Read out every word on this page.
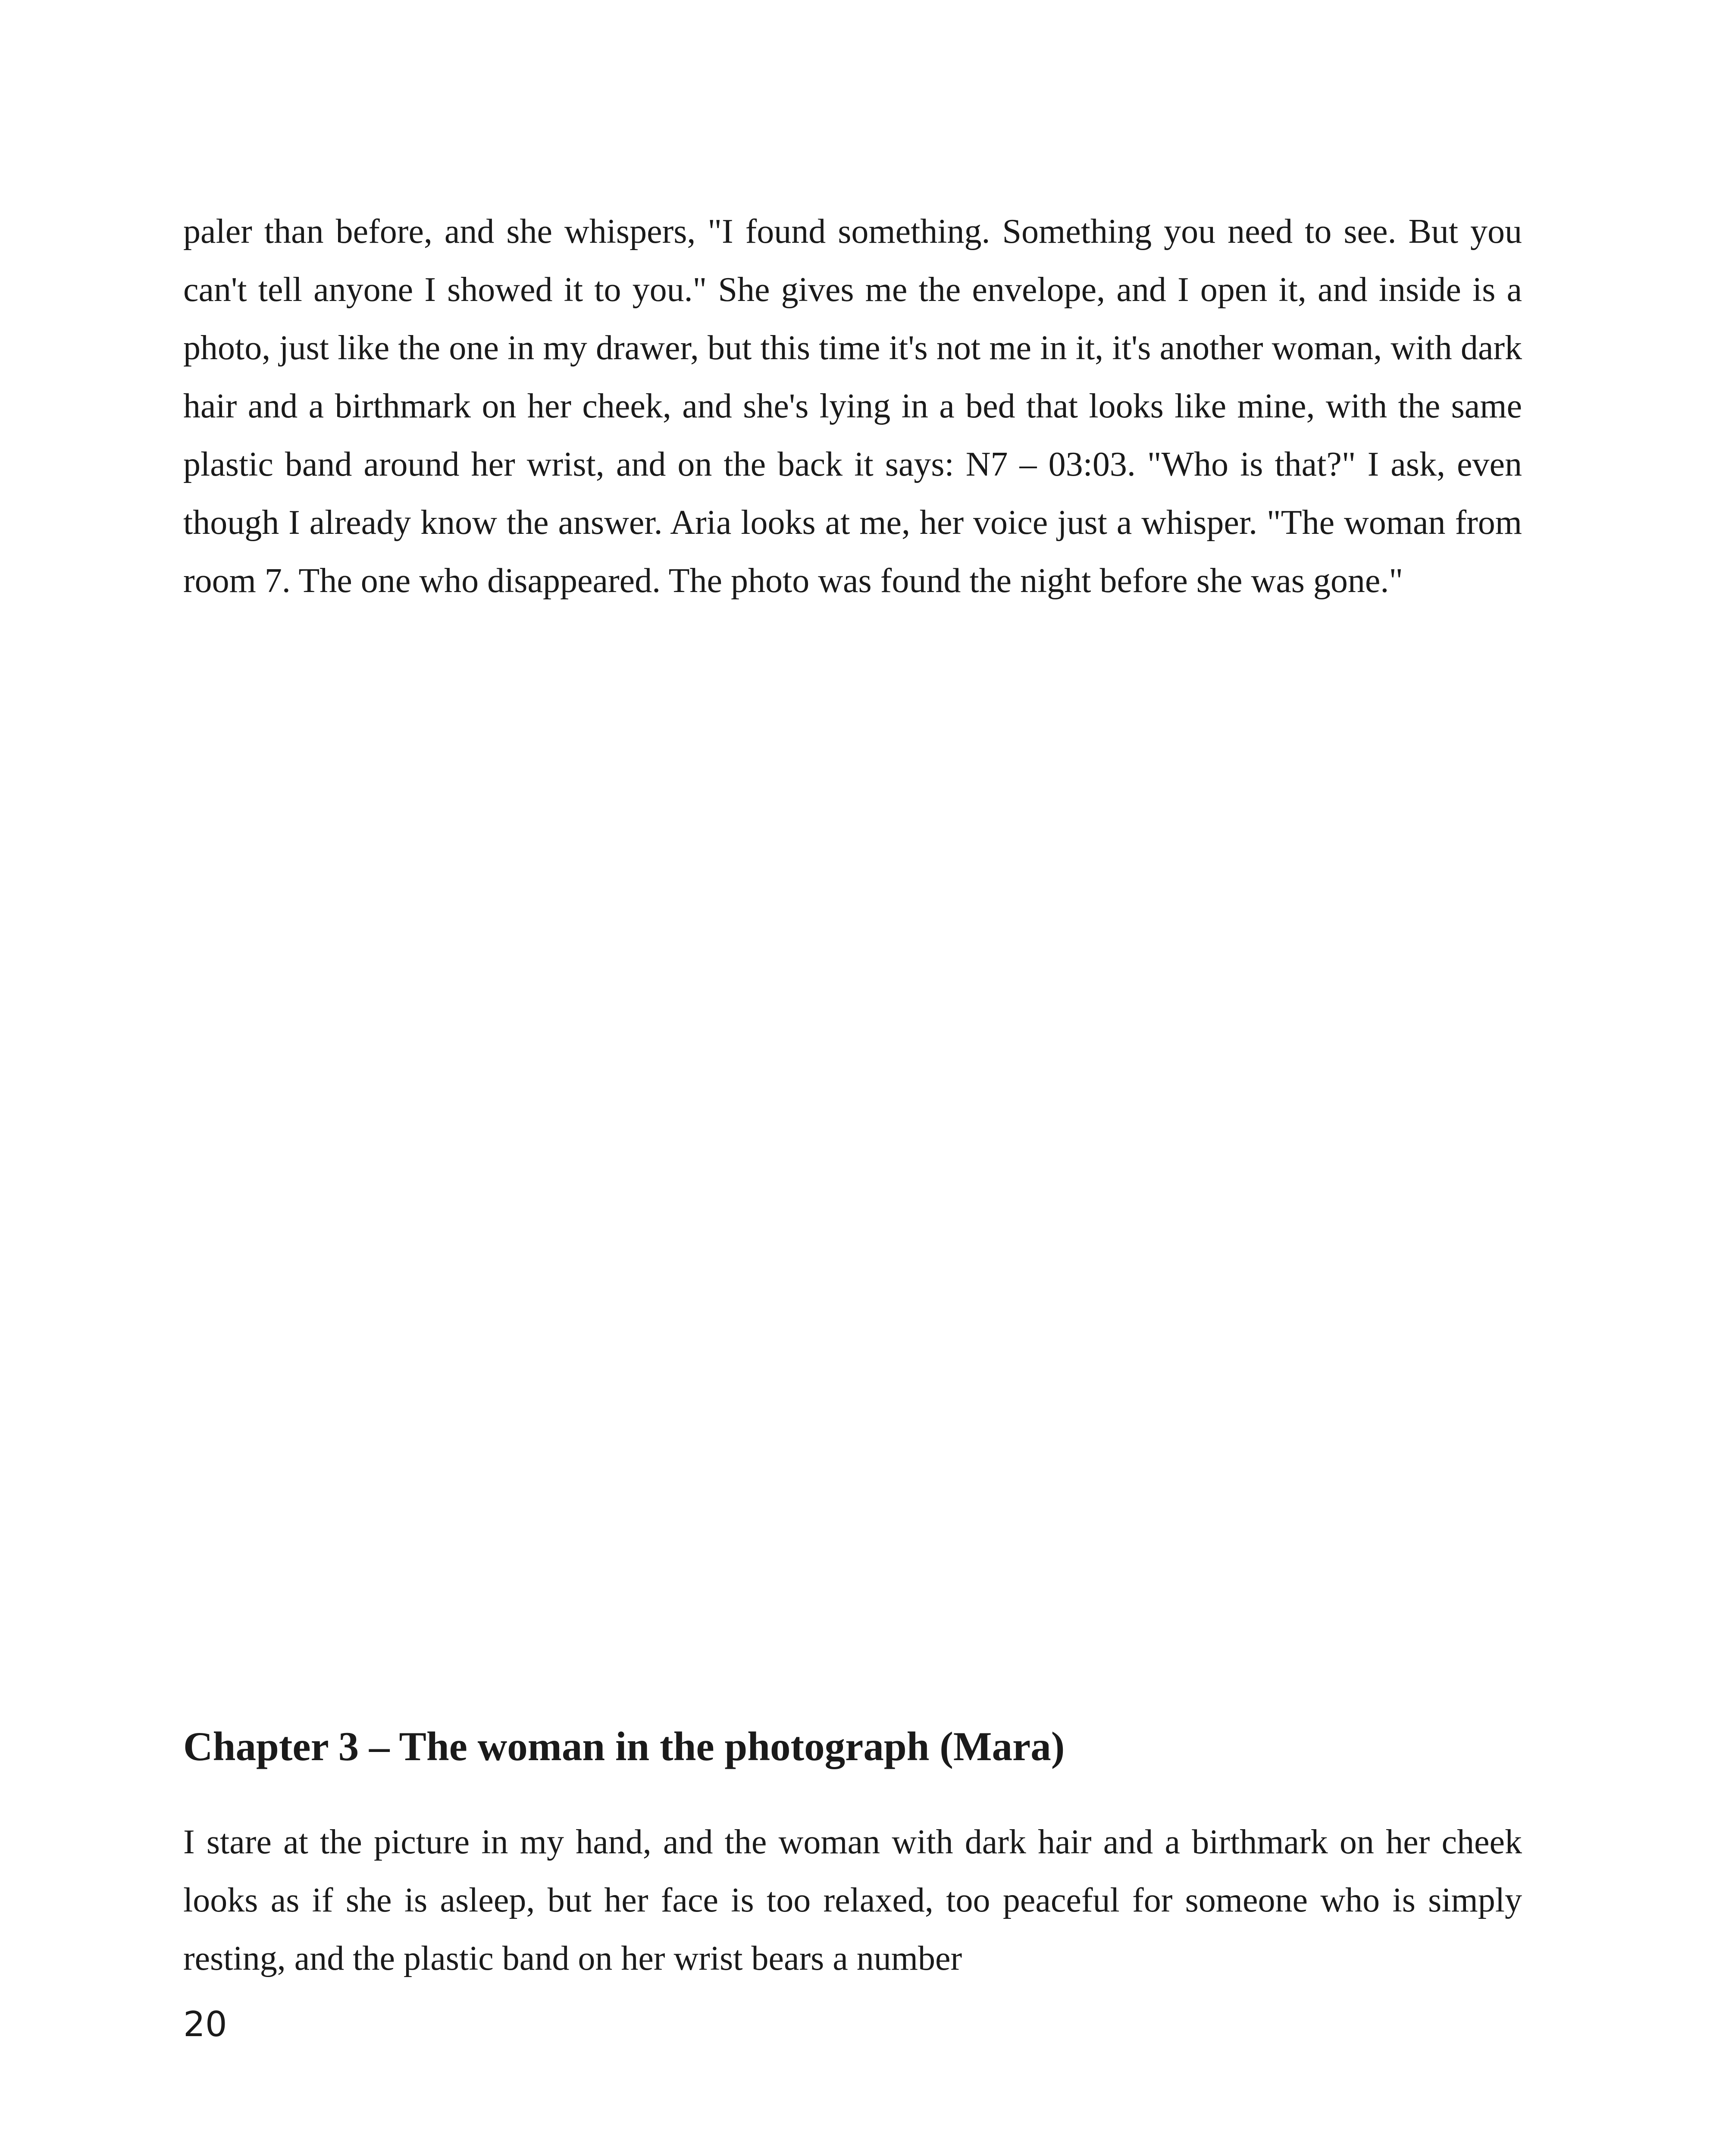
paler than before, and she whispers, "I found something. Something you need to see. But you can't tell anyone I showed it to you." She gives me the envelope, and I open it, and inside is a photo, just like the one in my drawer, but this time it's not me in it, it's another woman, with dark hair and a birthmark on her cheek, and she's lying in a bed that looks like mine, with the same plastic band around her wrist, and on the back it says: N7 – 03:03. "Who is that?" I ask, even though I already know the answer. Aria looks at me, her voice just a whisper. "The woman from room 7. The one who disappeared. The photo was found the night before she was gone."

Chapter 3 – The woman in the photograph (Mara)

I stare at the picture in my hand, and the woman with dark hair and a birthmark on her cheek looks as if she is asleep, but her face is too relaxed, too peaceful for someone who is simply resting, and the plastic band on her wrist bears a number

20
